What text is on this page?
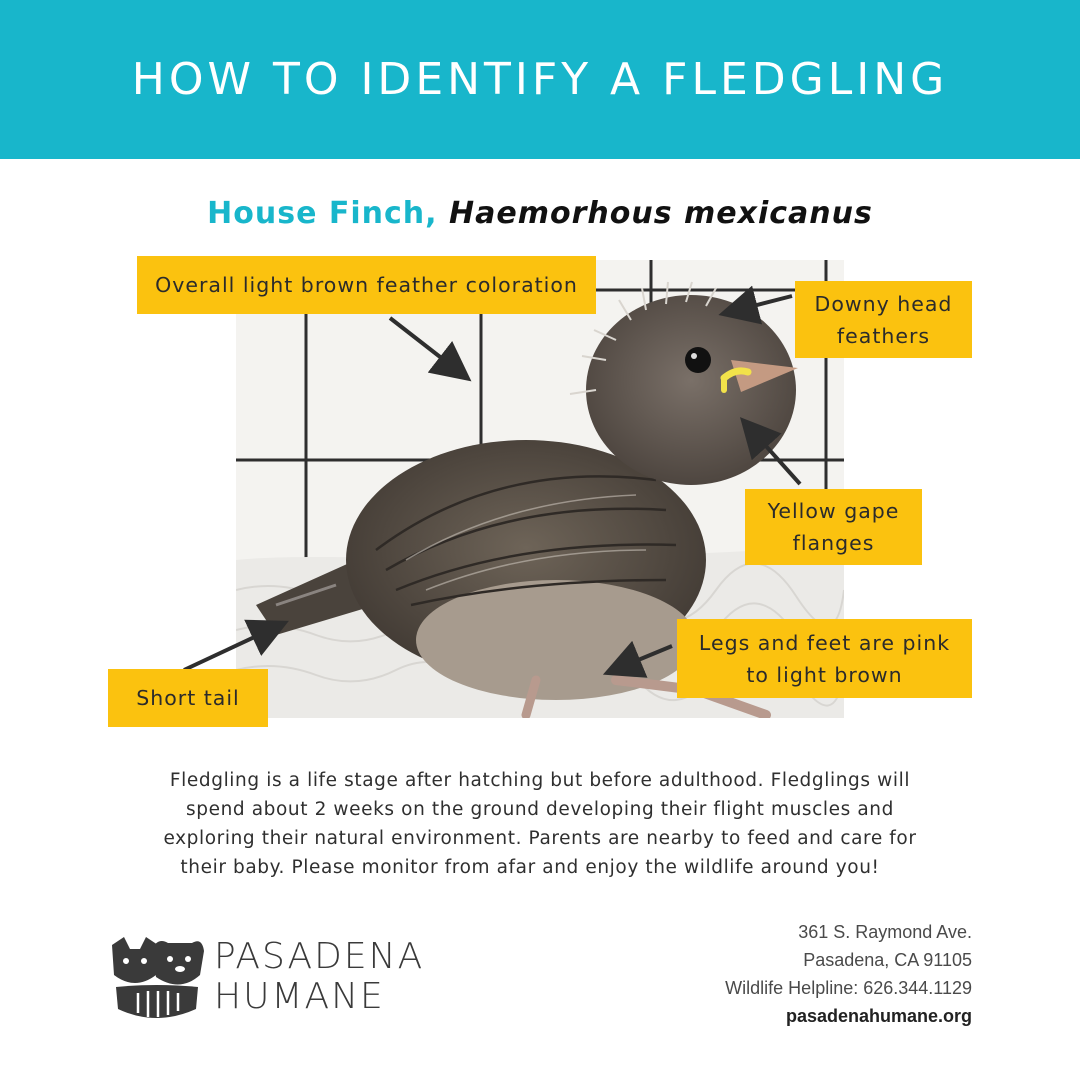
HOW TO IDENTIFY A FLEDGLING
House Finch, Haemorhous mexicanus
Overall light brown feather coloration
Downy head
feathers
Yellow gape
flanges
Legs and feet are pink
to light brown
Short tail
Fledgling is a life stage after hatching but before adulthood. Fledglings will
spend about 2 weeks on the ground developing their flight muscles and
exploring their natural environment. Parents are nearby to feed and care for
their baby. Please monitor from afar and enjoy the wildlife around you!
PASADENA
HUMANE
361 S. Raymond Ave.
Pasadena, CA 91105
Wildlife Helpline: 626.344.1129
pasadenahumane.org
